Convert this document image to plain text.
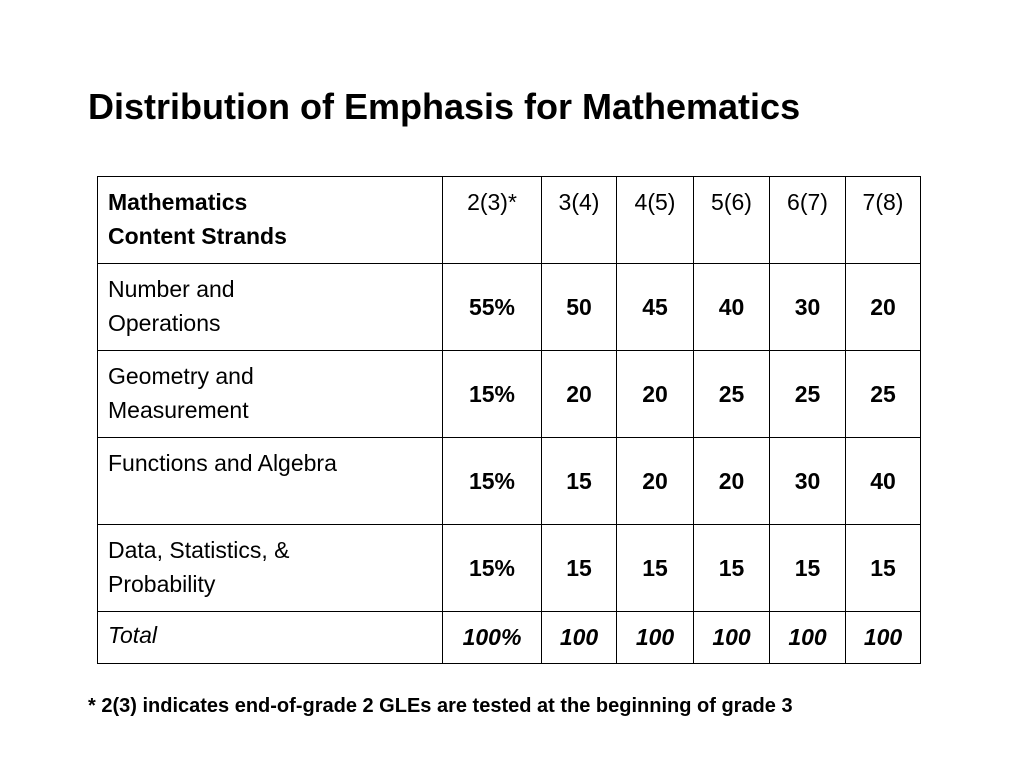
Distribution of Emphasis for Mathematics
Mathematics
Content Strands	2(3)*	3(4)	4(5)	5(6)	6(7)	7(8)

Number and
Operations	55%	50	45	40	30	20

Geometry and
Measurement	15%	20	20	25	25	25

Functions and Algebra	15%	15	20	20	30	40

Data, Statistics, &
Probability	15%	15	15	15	15	15
Total	100%	100	100	100	100	100
* 2(3) indicates end-of-grade 2 GLEs are tested at the beginning of grade 3
